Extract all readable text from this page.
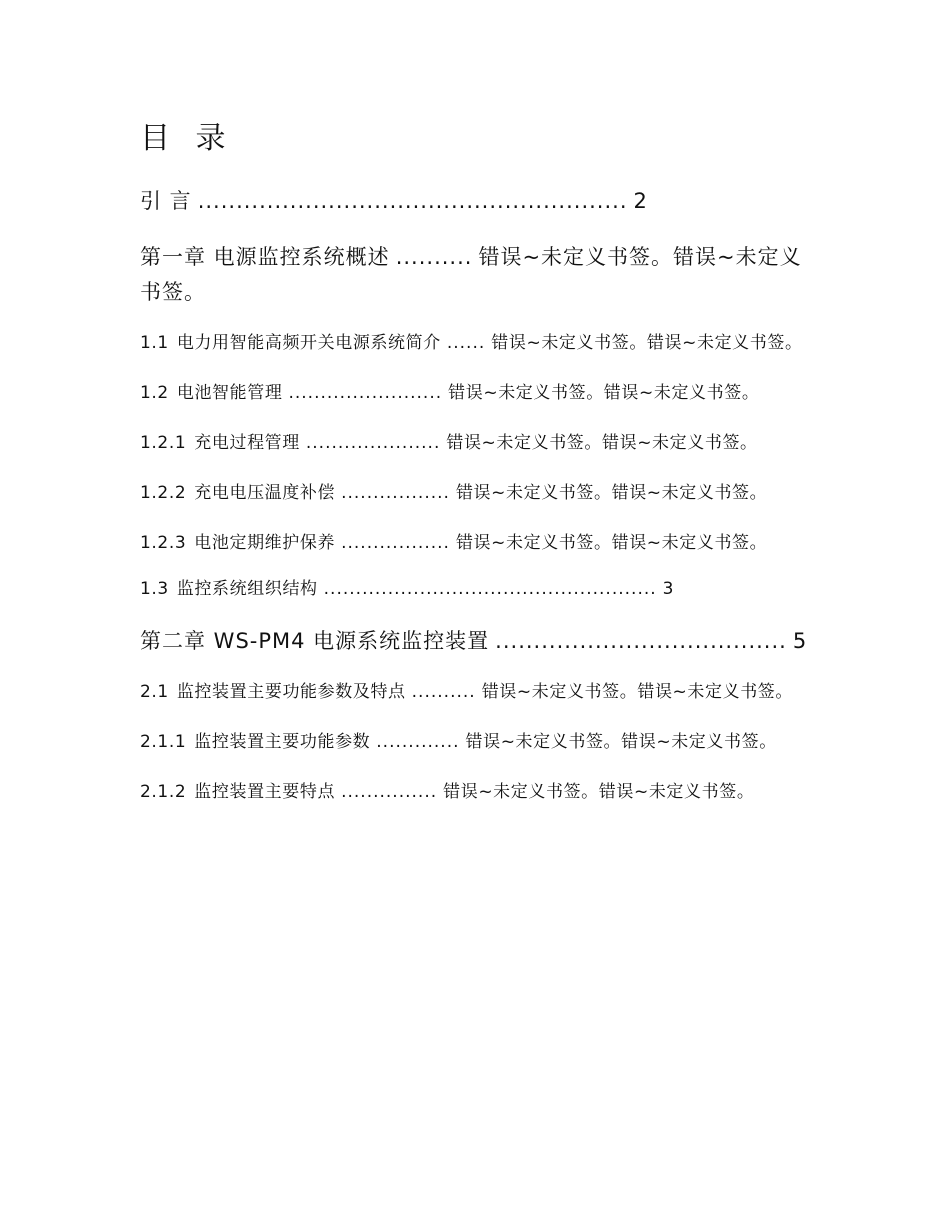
目 录
引 言 ........................................................ 2
第一章 电源监控系统概述 .......... 错误~未定义书签。错误~未定义书签。
1.1 电力用智能高频开关电源系统简介 ...... 错误~未定义书签。错误~未定义书签。
1.2 电池智能管理 ........................ 错误~未定义书签。错误~未定义书签。
1.2.1 充电过程管理 ..................... 错误~未定义书签。错误~未定义书签。
1.2.2 充电电压温度补偿 ................. 错误~未定义书签。错误~未定义书签。
1.2.3 电池定期维护保养 ................. 错误~未定义书签。错误~未定义书签。
1.3 监控系统组织结构 .................................................... 3
第二章 WS-PM4 电源系统监控装置 ...................................... 5
2.1 监控装置主要功能参数及特点 .......... 错误~未定义书签。错误~未定义书签。
2.1.1 监控装置主要功能参数 ............. 错误~未定义书签。错误~未定义书签。
2.1.2 监控装置主要特点 ............... 错误~未定义书签。错误~未定义书签。
